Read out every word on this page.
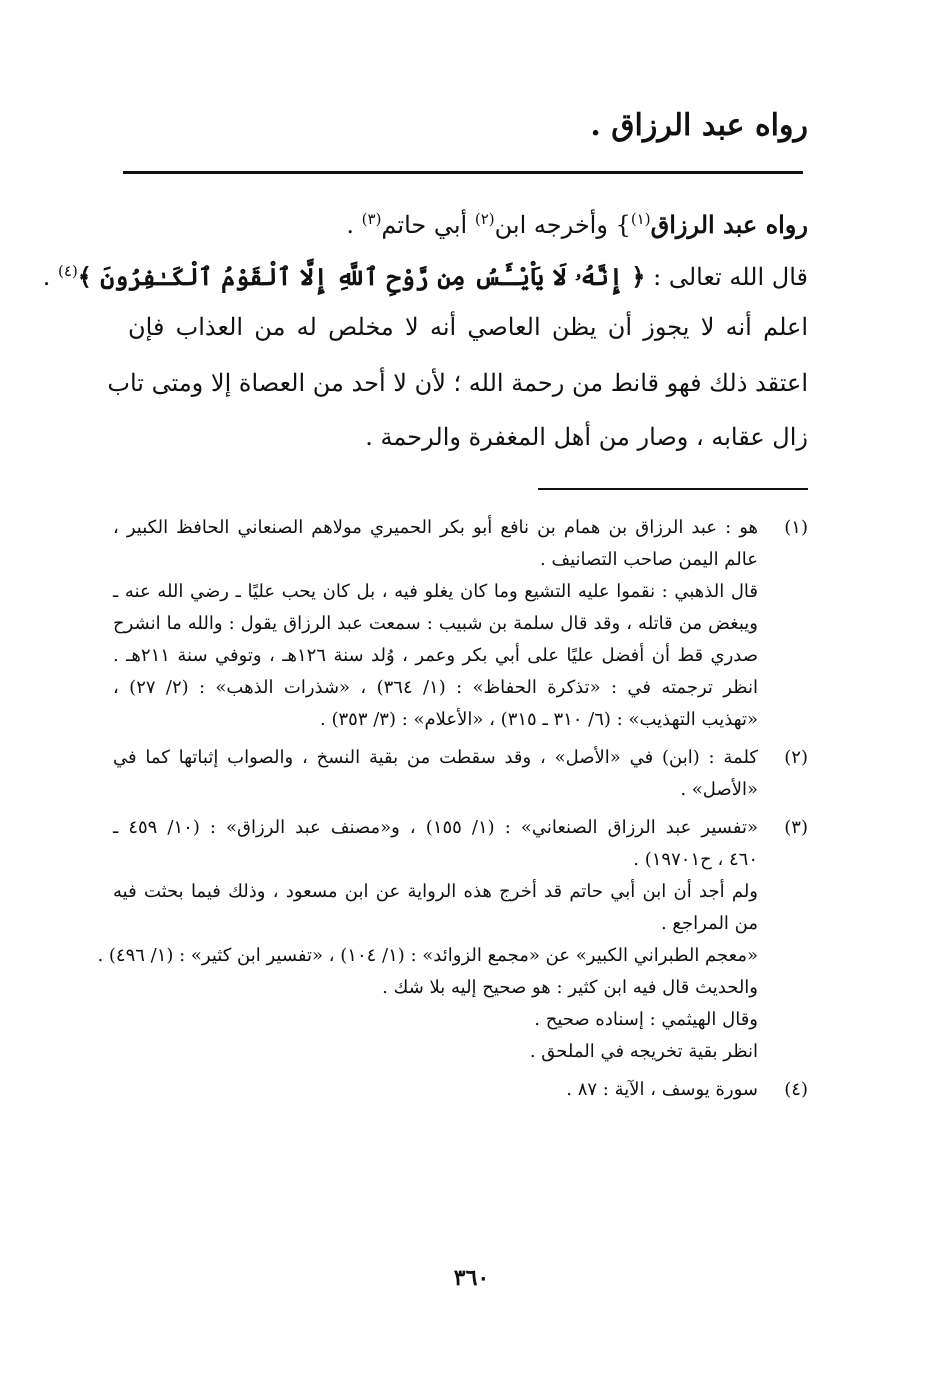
رواه عبد الرزاق .
رواه عبد الرزاق$^{(١)}$} وأخرجه ابن$^{(٢)}$ أبي حاتم$^{(٣)}$ .
قال الله تعالى : ﴿ إِنَّهُۥ لَا يَاْيْـَٔسُ مِن رَّوْحِ ٱللَّهِ إِلَّا ٱلْقَوْمُ ٱلْكَـٰفِرُونَ ﴾$^{(٤)}$ .
اعلم أنه لا يجوز أن يظن العاصي أنه لا مخلص له من العذاب فإن
اعتقد ذلك فهو قانط من رحمة الله ؛ لأن لا أحد من العصاة إلا ومتى تاب
زال عقابه ، وصار من أهل المغفرة والرحمة .
(١)
هو : عبد الرزاق بن همام بن نافع أبو بكر الحميري مولاهم الصنعاني الحافظ الكبير ،
عالم اليمن صاحب التصانيف .
قال الذهبي : نقموا عليه التشيع وما كان يغلو فيه ، بل كان يحب عليًا ـ رضي الله عنه ـ
ويبغض من قاتله ، وقد قال سلمة بن شبيب : سمعت عبد الرزاق يقول : والله ما انشرح
صدري قط أن أفضل عليًا على أبي بكر وعمر ، وُلد سنة ١٢٦هـ ، وتوفي سنة ٢١١هـ .
انظر ترجمته في : «تذكرة الحفاظ» : (١/ ٣٦٤) ، «شذرات الذهب» : (٢/ ٢٧) ،
«تهذيب التهذيب» : (٦/ ٣١٠ ـ ٣١٥) ، «الأعلام» : (٣/ ٣٥٣) .
(٢)
كلمة : (ابن) في «الأصل» ، وقد سقطت من بقية النسخ ، والصواب إثباتها كما في
«الأصل» .
(٣)
«تفسير عبد الرزاق الصنعاني» : (١/ ١٥٥) ، و«مصنف عبد الرزاق» : (١٠/ ٤٥٩ ـ
٤٦٠ ، ح١٩٧٠١) .
ولم أجد أن ابن أبي حاتم قد أخرج هذه الرواية عن ابن مسعود ، وذلك فيما بحثت فيه
من المراجع .
«معجم الطبراني الكبير» عن «مجمع الزوائد» : (١/ ١٠٤) ، «تفسير ابن كثير» : (١/ ٤٩٦) .
والحديث قال فيه ابن كثير : هو صحيح إليه بلا شك .
وقال الهيثمي : إسناده صحيح .
انظر بقية تخريجه في الملحق .
(٤)
سورة يوسف ، الآية : ٨٧ .
٣٦٠
